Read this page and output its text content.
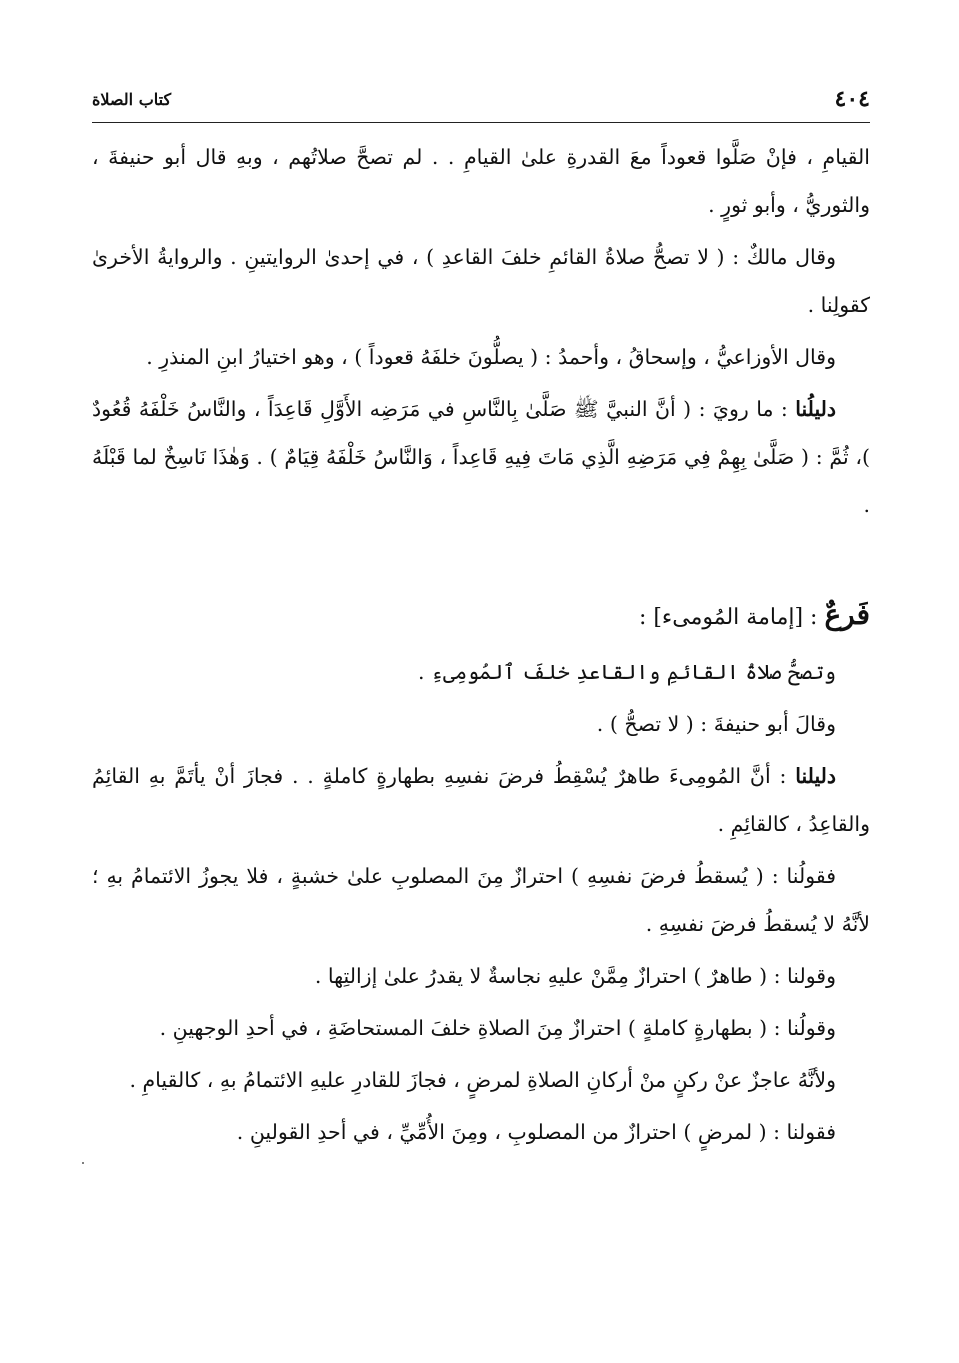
٤٠٤
كتاب الصلاة

القيامِ ، فإنْ صَلَّوا قعوداً معَ القدرةِ علىٰ القيامِ . . لم تصحَّ صلاتُهم ، وبهِ قال أبو حنيفةَ ، والثوريُّ ، وأبو ثورٍ .

وقال مالكٌ : ( لا تصحُّ صلاةُ القائمِ خلفَ القاعدِ ) ، في إحدىٰ الروايتينِ . والروايةُ الأخرىٰ كقولِنا .

وقال الأوزاعيُّ ، وإسحاقُ ، وأحمدُ : ( يصلُّونَ خلفَهُ قعوداً ) ، وهو اختيارُ ابنِ المنذرِ .

دليلُنا : ما رويَ : ( أنَّ النبيَّ ﷺ صَلَّىٰ بِالنَّاسِ في مَرَضِه الأَوَّلِ قَاعِدَاً ، والنَّاسُ خَلْفَهُ قُعُودٌ )، ثُمَّ : ( صَلَّىٰ بِهِمْ فِي مَرَضِهِ الَّذِي مَاتَ فِيهِ قَاعِداً ، وَالنَّاسُ خَلْفَهُ قِيَامٌ ) . وَهٰذَا نَاسِخٌ لما قَبْلَهُ .

فَرعٌ : [إمامة المُومىء] :

وتصحُّ صلاةُ القائمِ والقاعدِ خلفَ ٱلمُومِىءِ .

وقالَ أبو حنيفةَ : ( لا تصحُّ ) .

دليلنا : أنَّ المُومِىءَ طاهرٌ يُسْقِطُ فرضَ نفسِهِ بطهارةٍ كاملةٍ . . فجازَ أنْ يأتَمَّ بهِ القائِمُ والقاعِدُ ، كالقائِمِ .

فقولُنا : ( يُسقطُ فرضَ نفسِهِ ) احترازٌ مِنَ المصلوبِ علىٰ خشبةٍ ، فلا يجوزُ الائتمامُ بهِ ؛ لأنَّهُ لا يُسقطُ فرضَ نفسِهِ .

وقولنا : ( طاهرٌ ) احترازٌ مِمَّنْ عليهِ نجاسةٌ لا يقدرُ علىٰ إزالتِها .

وقولُنا : ( بطهارةٍ كاملةٍ ) احترازٌ مِنَ الصلاةِ خلفَ المستحاضَةِ ، في أحدِ الوجهينِ .

ولأنَّهُ عاجزٌ عنْ ركنٍ منْ أركانِ الصلاةِ لمرضٍ ، فجازَ للقادرِ عليهِ الائتمامُ بهِ ، كالقيامِ .

فقولنا : ( لمرضٍ ) احترازٌ من المصلوبِ ، ومِنَ الأُمِّيِّ ، في أحدِ القولينِ .
